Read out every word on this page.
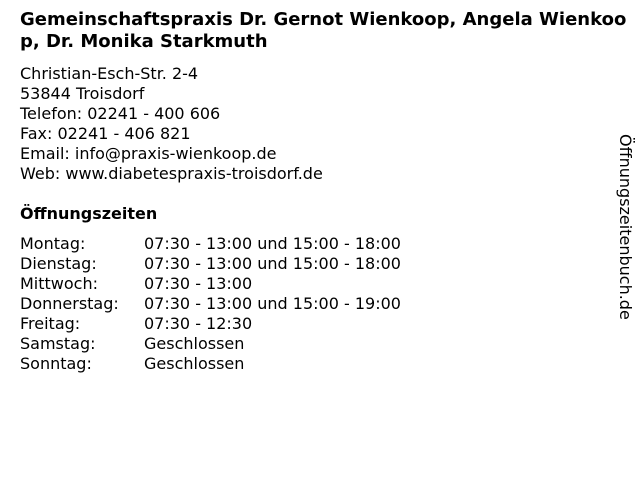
Gemeinschaftspraxis Dr. Gernot Wienkoop, Angela Wienkoop, Dr. Monika Starkmuth
Christian-Esch-Str. 2-4
53844 Troisdorf
Telefon: 02241 - 400 606
Fax: 02241 - 406 821
Email: info@praxis-wienkoop.de
Web: www.diabetespraxis-troisdorf.de
Öffnungszeiten
Montag:	07:30 - 13:00 und 15:00 - 18:00
Dienstag:	07:30 - 13:00 und 15:00 - 18:00
Mittwoch:	07:30 - 13:00
Donnerstag:	07:30 - 13:00 und 15:00 - 19:00
Freitag:	07:30 - 12:30
Samstag:	Geschlossen
Sonntag:	Geschlossen
Öffnungszeitenbuch.de
